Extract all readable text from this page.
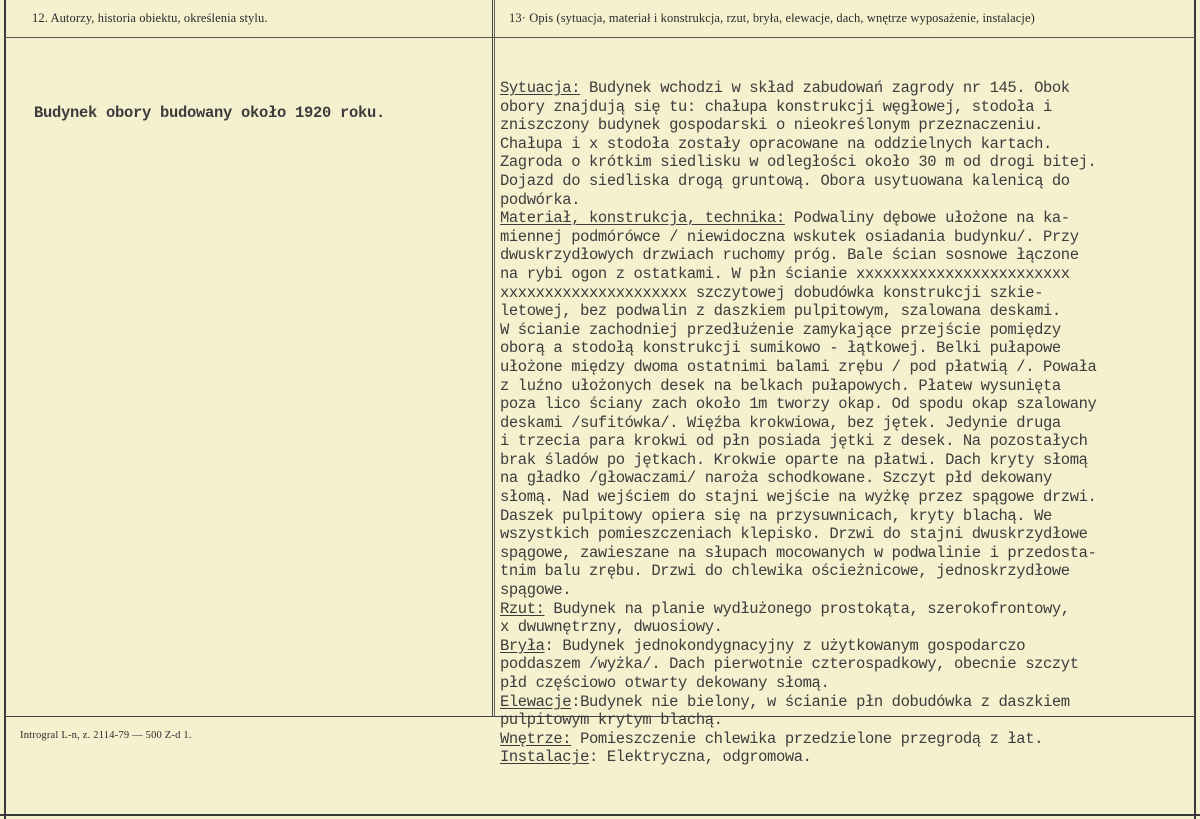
12. Autorzy, historia obiektu, określenia stylu.	13· Opis (sytuacja, materiał i konstrukcja, rzut, bryła, elewacje, dach, wnętrze wyposażenie, instalacje)
Budynek obory budowany około 1920 roku.
Sytuacja: Budynek wchodzi w skład zabudowań zagrody nr 145. Obok
obory znajdują się tu: chałupa konstrukcji węgłowej, stodoła i
zniszczony budynek gospodarski o nieokreślonym przeznaczeniu.
Chałupa i x stodoła zostały opracowane na oddzielnych kartach.
Zagroda o krótkim siedlisku w odległości około 30 m od drogi bitej.
Dojazd do siedliska drogą gruntową. Obora usytuowana kalenicą do
podwórka.
Materiał, konstrukcja, technika: Podwaliny dębowe ułożone na ka-
miennej podmórówce / niewidoczna wskutek osiadania budynku/. Przy
dwuskrzydłowych drzwiach ruchomy próg. Bale ścian sosnowe łączone
na rybi ogon z ostatkami. W płn ścianie xxxxxxxxxxxxxxxxxxxxxxxx
xxxxxxxxxxxxxxxxxxxxx szczytowej dobudówka konstrukcji szkie-
letowej, bez podwalin z daszkiem pulpitowym, szalowana deskami.
W ścianie zachodniej przedłużenie zamykające przejście pomiędzy
oborą a stodołą konstrukcji sumikowo - łątkowej. Belki pułapowe
ułożone między dwoma ostatnimi balami zrębu / pod płatwią /. Powała
z luźno ułożonych desek na belkach pułapowych. Płatew wysunięta
poza lico ściany zach około 1m tworzy okap. Od spodu okap szalowany
deskami /sufitówka/. Więźba krokwiowa, bez jętek. Jedynie druga
i trzecia para krokwi od płn posiada jętki z desek. Na pozostałych
brak śladów po jętkach. Krokwie oparte na płatwi. Dach kryty słomą
na gładko /głowaczami/ naroża schodkowane. Szczyt płd dekowany
słomą. Nad wejściem do stajni wejście na wyżkę przez spągowe drzwi.
Daszek pulpitowy opiera się na przysuwnicach, kryty blachą. We
wszystkich pomieszczeniach klepisko. Drzwi do stajni dwuskrzydłowe
spągowe, zawieszane na słupach mocowanych w podwalinie i przedosta-
tnim balu zrębu. Drzwi do chlewika ościeżnicowe, jednoskrzydłowe
spągowe.
Rzut: Budynek na planie wydłużonego prostokąta, szerokofrontowy,
x dwuwnętrzny, dwuosiowy.
Bryła: Budynek jednokondygnacyjny z użytkowanym gospodarczo
poddaszem /wyżka/. Dach pierwotnie czterospadkowy, obecnie szczyt
płd częściowo otwarty dekowany słomą.
Elewacje:Budynek nie bielony, w ścianie płn dobudówka z daszkiem
pulpitowym krytym blachą.
Wnętrze: Pomieszczenie chlewika przedzielone przegrodą z łat.
Instalacje: Elektryczna, odgromowa.
Introgral L-n, z. 2114-79 — 500 Z-d 1.
